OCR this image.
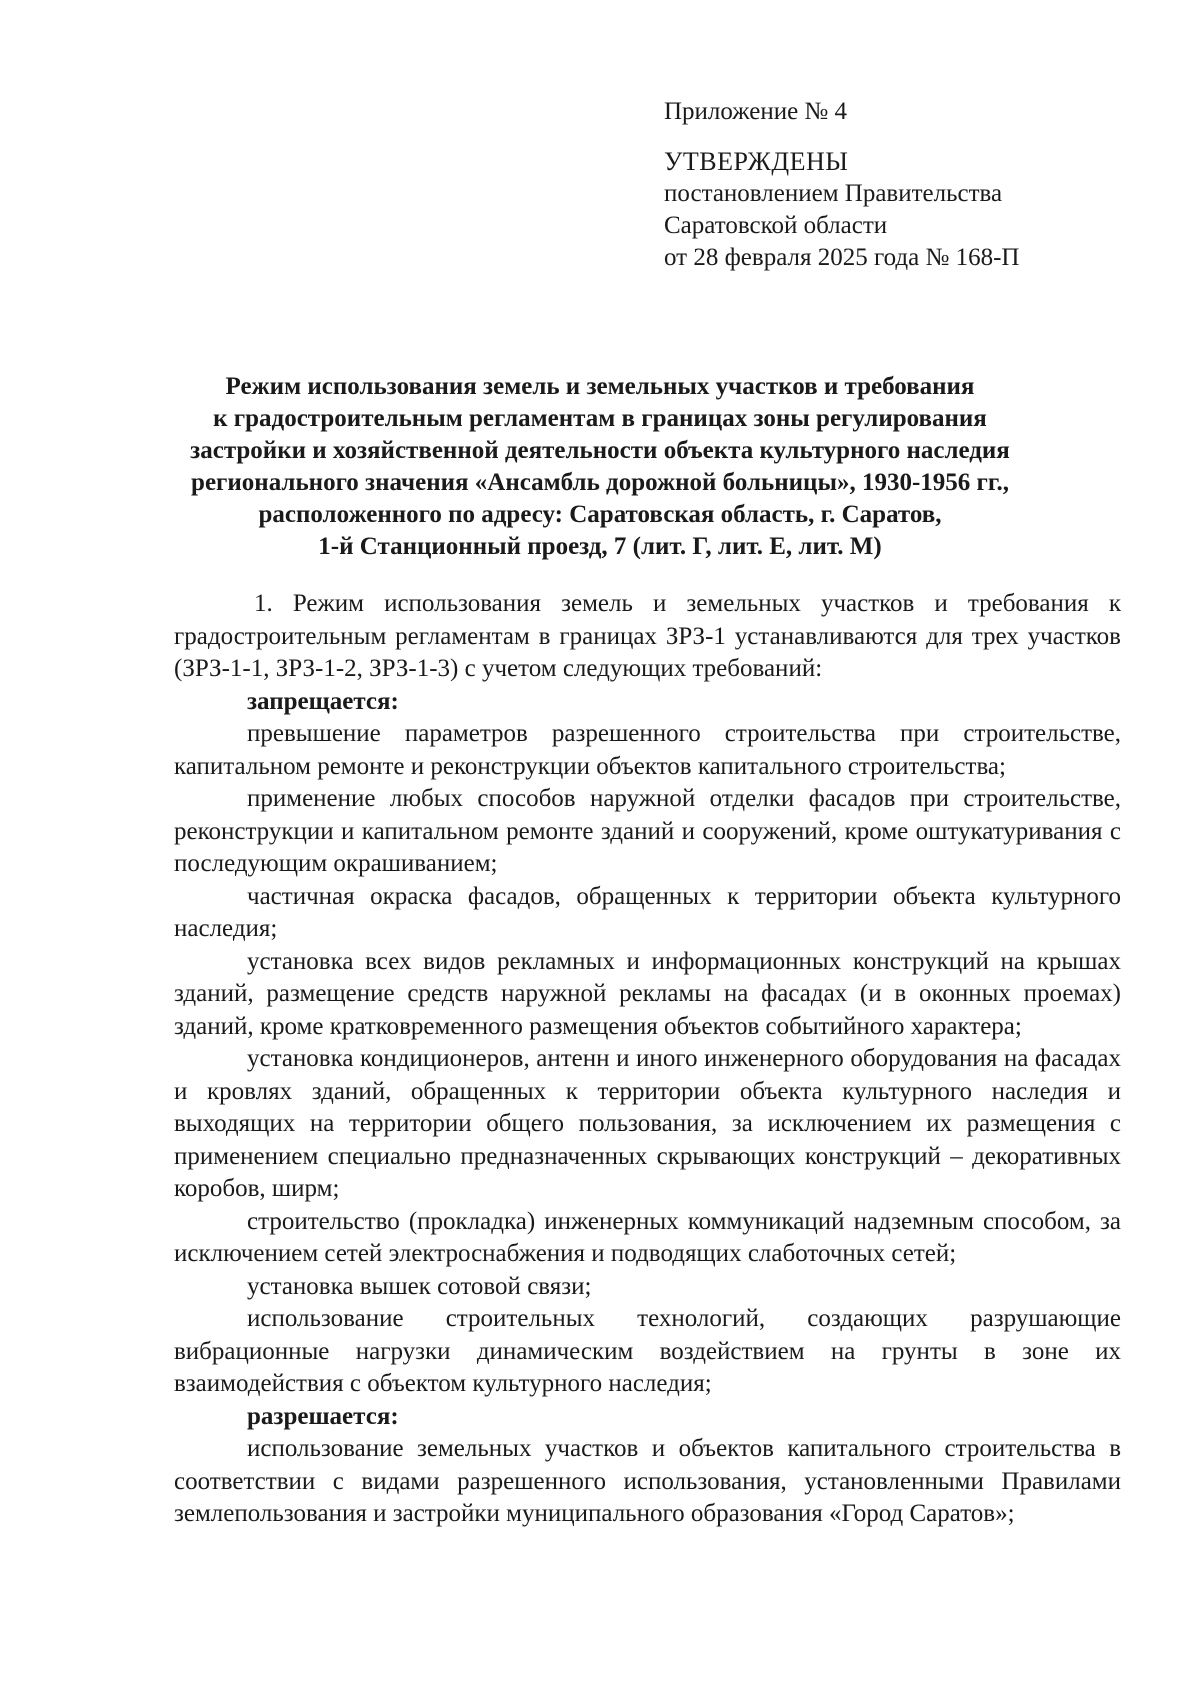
Приложение № 4

УТВЕРЖДЕНЫ

постановлением Правительства

Саратовской области

от 28 февраля 2025 года № 168-П

Режим использования земель и земельных участков и требования
к градостроительным регламентам в границах зоны регулирования
застройки и хозяйственной деятельности объекта культурного наследия
регионального значения «Ансамбль дорожной больницы», 1930-1956 гг.,
расположенного по адресу: Саратовская область, г. Саратов,
1-й Станционный проезд, 7 (лит. Г, лит. Е, лит. М)

1. Режим использования земель и земельных участков и требования к градостроительным регламентам в границах ЗРЗ-1 устанавливаются для трех участков (ЗРЗ-1-1, ЗРЗ-1-2, ЗРЗ-1-3) с учетом следующих требований:

запрещается:

превышение параметров разрешенного строительства при строительстве, капитальном ремонте и реконструкции объектов капитального строительства;

применение любых способов наружной отделки фасадов при строительстве, реконструкции и капитальном ремонте зданий и сооружений, кроме оштукатуривания с последующим окрашиванием;

частичная окраска фасадов, обращенных к территории объекта культурного наследия;

установка всех видов рекламных и информационных конструкций на крышах зданий, размещение средств наружной рекламы на фасадах (и в оконных проемах) зданий, кроме кратковременного размещения объектов событийного характера;

установка кондиционеров, антенн и иного инженерного оборудования на фасадах и кровлях зданий, обращенных к территории объекта культурного наследия и выходящих на территории общего пользования, за исключением их размещения с применением специально предназначенных скрывающих конструкций – декоративных коробов, ширм;

строительство (прокладка) инженерных коммуникаций надземным способом, за исключением сетей электроснабжения и подводящих слаботочных сетей;

установка вышек сотовой связи;

использование строительных технологий, создающих разрушающие вибрационные нагрузки динамическим воздействием на грунты в зоне их взаимодействия с объектом культурного наследия;

разрешается:

использование земельных участков и объектов капитального строительства в соответствии с видами разрешенного использования, установленными Правилами землепользования и застройки муниципального образования «Город Саратов»;
